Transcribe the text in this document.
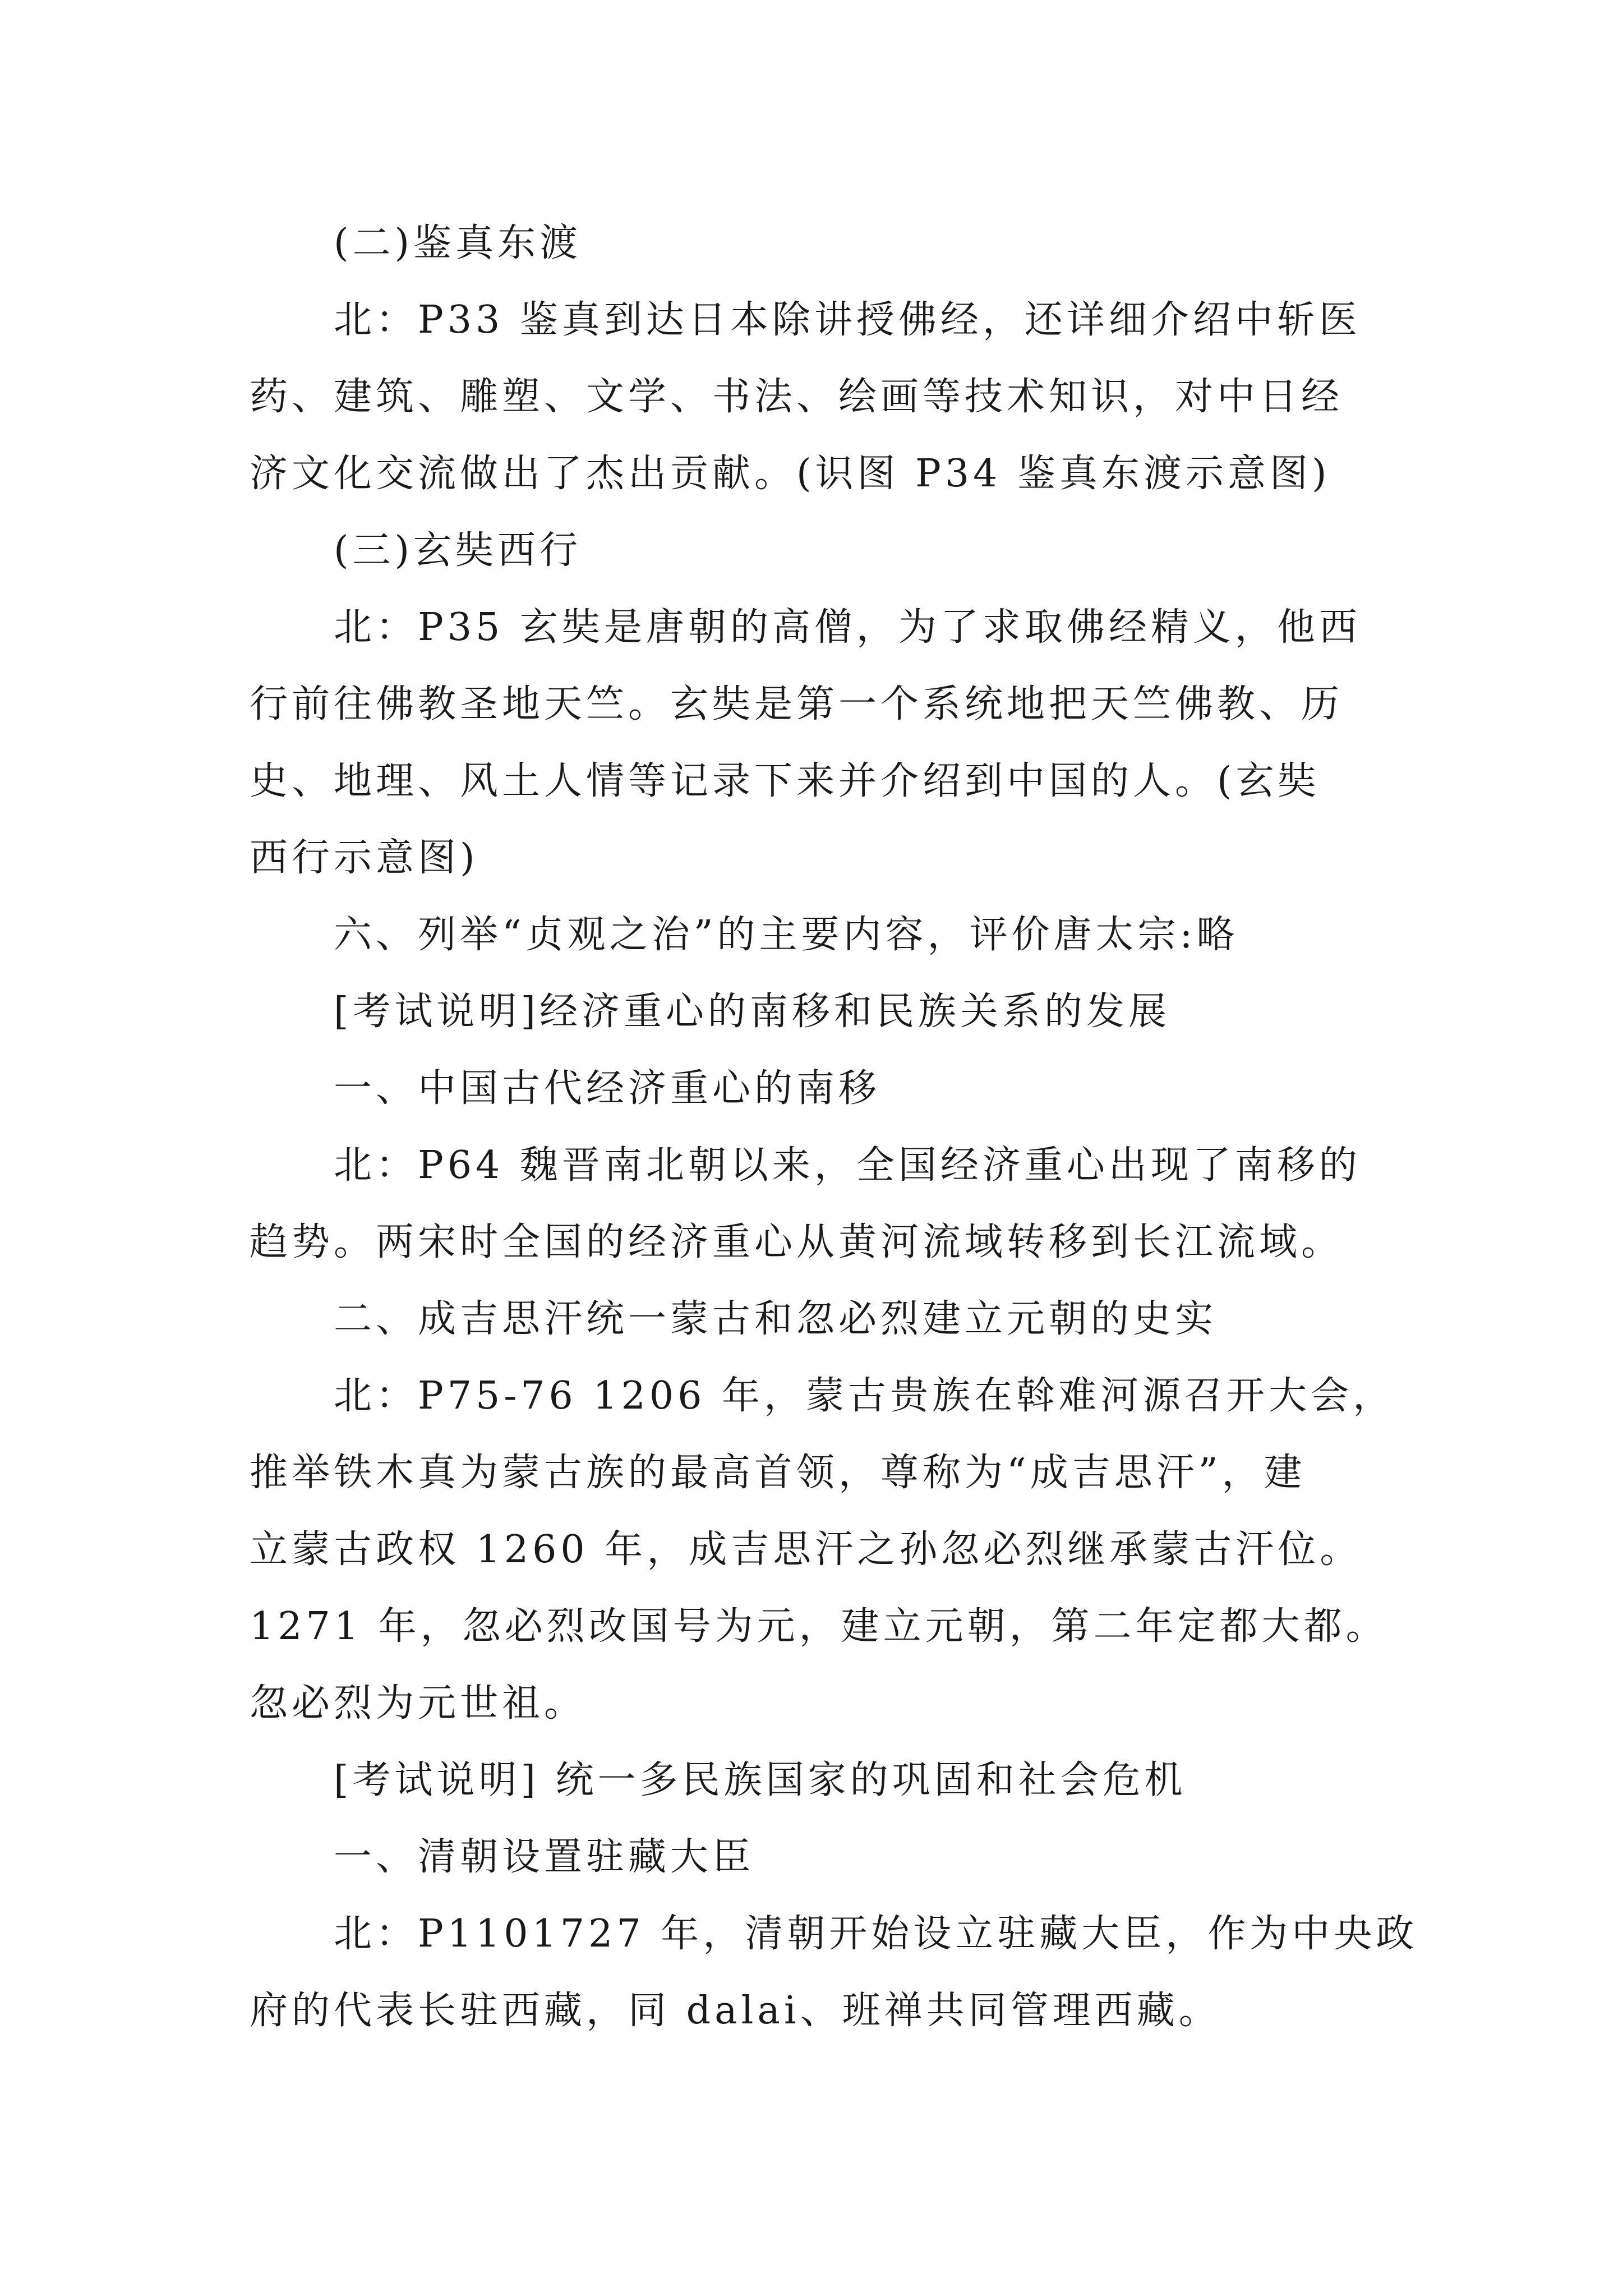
(二)鉴真东渡
北：P33 鉴真到达日本除讲授佛经，还详细介绍中斩医
药、建筑、雕塑、文学、书法、绘画等技术知识，对中日经
济文化交流做出了杰出贡献。(识图 P34 鉴真东渡示意图)
(三)玄奘西行
北：P35 玄奘是唐朝的高僧，为了求取佛经精义，他西
行前往佛教圣地天竺。玄奘是第一个系统地把天竺佛教、历
史、地理、风土人情等记录下来并介绍到中国的人。(玄奘
西行示意图)
六、列举“贞观之治”的主要内容，评价唐太宗:略
[考试说明]经济重心的南移和民族关系的发展
一、中国古代经济重心的南移
北：P64 魏晋南北朝以来，全国经济重心出现了南移的
趋势。两宋时全国的经济重心从黄河流域转移到长江流域。
二、成吉思汗统一蒙古和忽必烈建立元朝的史实
北：P75-76 1206 年，蒙古贵族在斡难河源召开大会，
推举铁木真为蒙古族的最高首领，尊称为“成吉思汗”，建
立蒙古政权 1260 年，成吉思汗之孙忽必烈继承蒙古汗位。
1271 年，忽必烈改国号为元，建立元朝，第二年定都大都。
忽必烈为元世祖。
[考试说明] 统一多民族国家的巩固和社会危机
一、清朝设置驻藏大臣
北：P1101727 年，清朝开始设立驻藏大臣，作为中央政
府的代表长驻西藏，同 dalai、班禅共同管理西藏。
